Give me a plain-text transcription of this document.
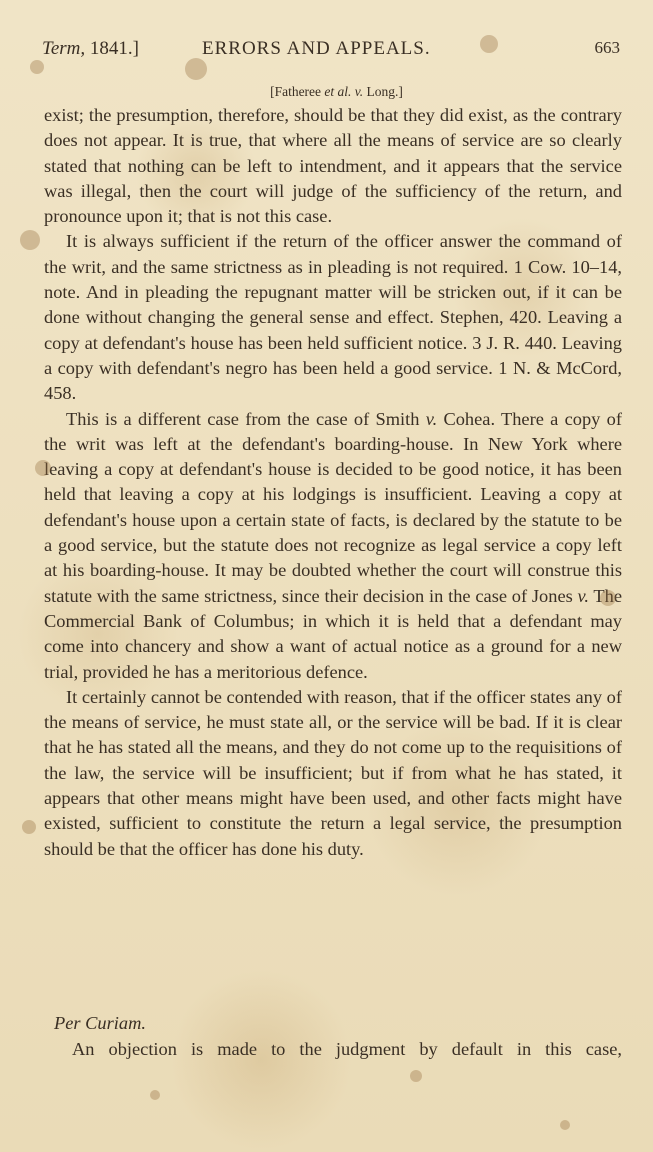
Term, 1841.]	ERRORS AND APPEALS.	663
[Fatheree et al. v. Long.]

exist; the presumption, therefore, should be that they did exist, as the contrary does not appear. It is true, that where all the means of service are so clearly stated that nothing can be left to intendment, and it appears that the service was illegal, then the court will judge of the sufficiency of the return, and pronounce upon it; that is not this case.

It is always sufficient if the return of the officer answer the command of the writ, and the same strictness as in pleading is not required. 1 Cow. 10–14, note. And in pleading the repugnant matter will be stricken out, if it can be done without changing the general sense and effect. Stephen, 420. Leaving a copy at defendant's house has been held sufficient notice. 3 J. R. 440. Leaving a copy with defendant's negro has been held a good service. 1 N. & McCord, 458.

This is a different case from the case of Smith v. Cohea. There a copy of the writ was left at the defendant's boarding-house. In New York where leaving a copy at defendant's house is decided to be good notice, it has been held that leaving a copy at his lodgings is insufficient. Leaving a copy at defendant's house upon a certain state of facts, is declared by the statute to be a good service, but the statute does not recognize as legal service a copy left at his boarding-house. It may be doubted whether the court will construe this statute with the same strictness, since their decision in the case of Jones v. The Commercial Bank of Columbus; in which it is held that a defendant may come into chancery and show a want of actual notice as a ground for a new trial, provided he has a meritorious defence.

It certainly cannot be contended with reason, that if the officer states any of the means of service, he must state all, or the service will be bad. If it is clear that he has stated all the means, and they do not come up to the requisitions of the law, the service will be insufficient; but if from what he has stated, it appears that other means might have been used, and other facts might have existed, sufficient to constitute the return a legal service, the presumption should be that the officer has done his duty.

Per Curiam.
An objection is made to the judgment by default in this case,
